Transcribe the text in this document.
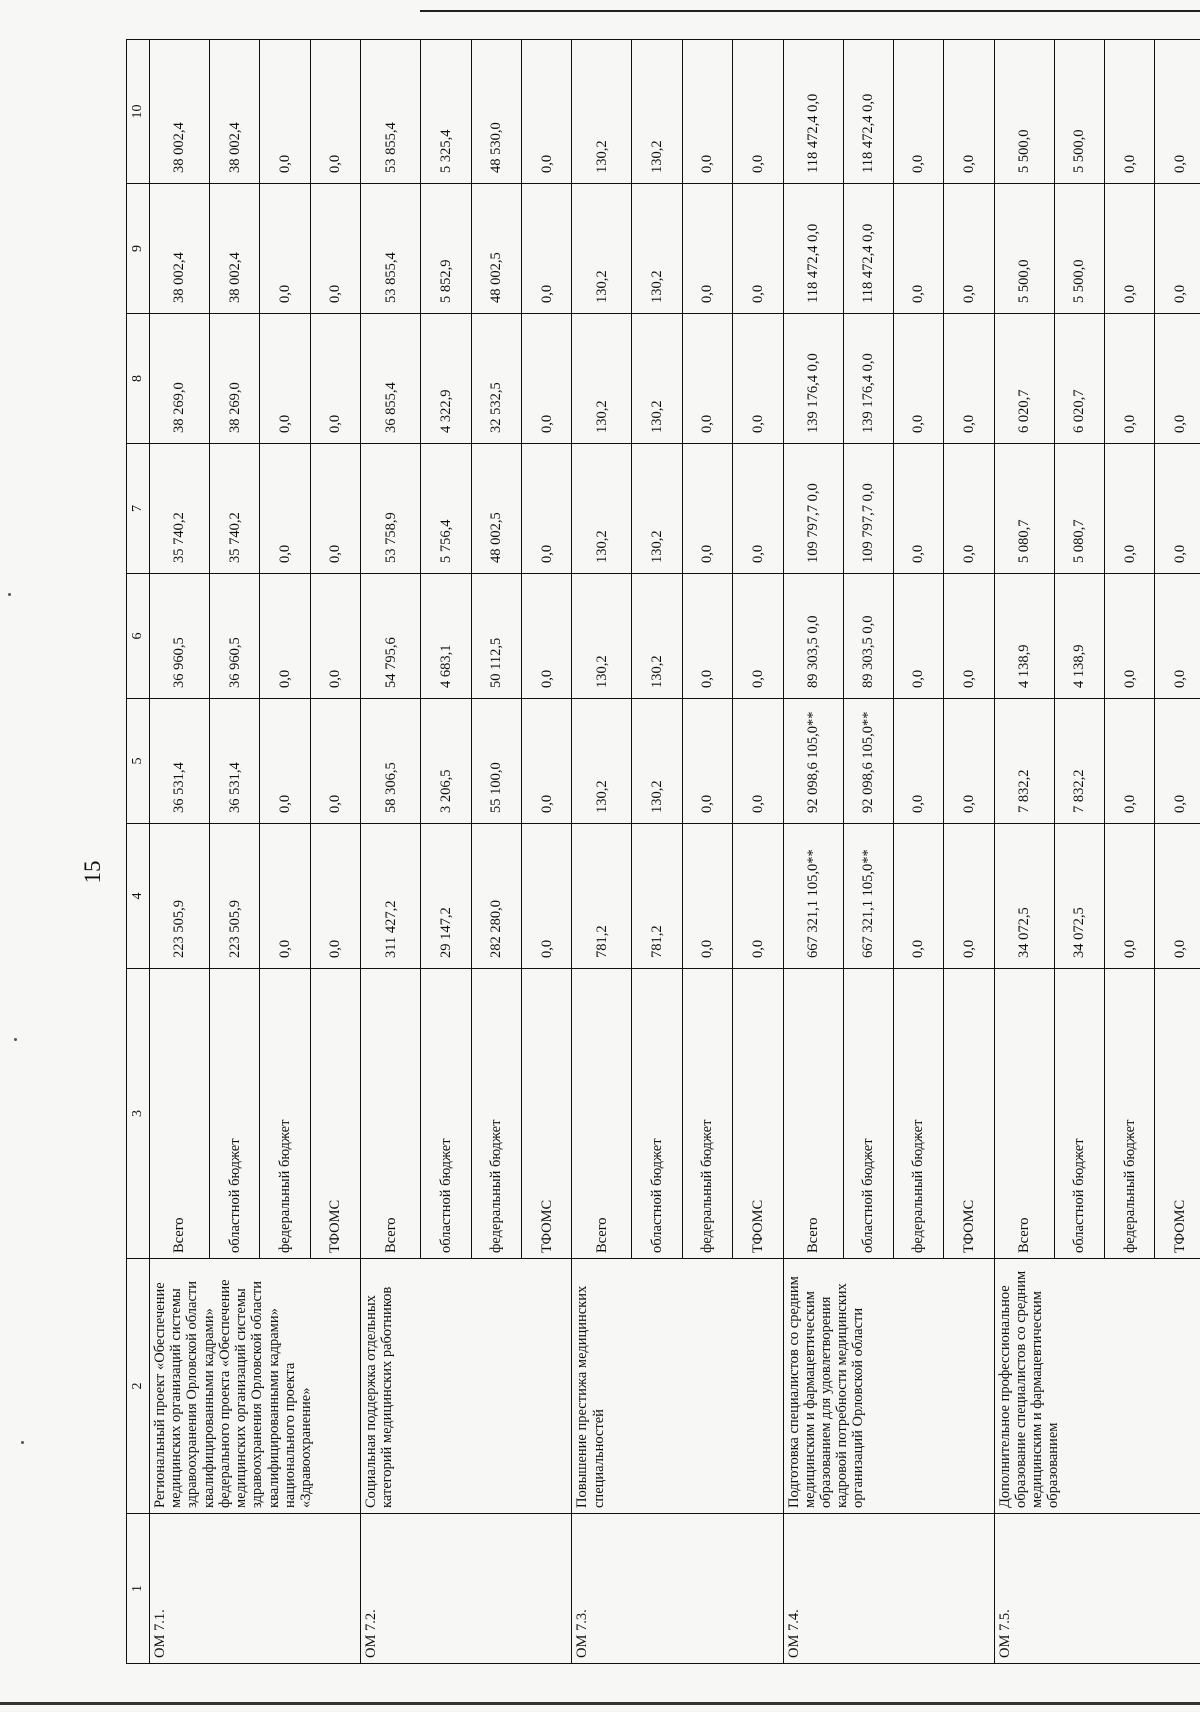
15
1	2	3	4	5	6	7	8	9	10
ОМ 7.1.	Региональный проект «Обеспечение медицинских организаций системы здравоохранения Орловской области квалифицированными кадрами» федерального проекта «Обеспечение медицинских организаций системы здравоохранения Орловской области квалифицированными кадрами» национального проекта «Здравоохранение»	Всего	223 505,9	36 531,4	36 960,5	35 740,2	38 269,0	38 002,4	38 002,4
		областной бюджет	223 505,9	36 531,4	36 960,5	35 740,2	38 269,0	38 002,4	38 002,4
		федеральный бюджет	0,0	0,0	0,0	0,0	0,0	0,0	0,0
		ТФОМС	0,0	0,0	0,0	0,0	0,0	0,0	0,0
ОМ 7.2.	Социальная поддержка отдельных категорий медицинских работников	Всего	311 427,2	58 306,5	54 795,6	53 758,9	36 855,4	53 855,4	53 855,4
		областной бюджет	29 147,2	3 206,5	4 683,1	5 756,4	4 322,9	5 852,9	5 325,4
		федеральный бюджет	282 280,0	55 100,0	50 112,5	48 002,5	32 532,5	48 002,5	48 530,0
		ТФОМС	0,0	0,0	0,0	0,0	0,0	0,0	0,0
ОМ 7.3.	Повышение престижа медицинских специальностей	Всего	781,2	130,2	130,2	130,2	130,2	130,2	130,2
		областной бюджет	781,2	130,2	130,2	130,2	130,2	130,2	130,2
		федеральный бюджет	0,0	0,0	0,0	0,0	0,0	0,0	0,0
		ТФОМС	0,0	0,0	0,0	0,0	0,0	0,0	0,0
ОМ 7.4.	Подготовка специалистов со средним медицинским и фармацевтическим образованием для удовлетворения кадровой потребности медицинских организаций Орловской области	Всего	667 321,1 105,0**	92 098,6 105,0**	89 303,5 0,0	109 797,7 0,0	139 176,4 0,0	118 472,4 0,0	118 472,4 0,0
		областной бюджет	667 321,1 105,0**	92 098,6 105,0**	89 303,5 0,0	109 797,7 0,0	139 176,4 0,0	118 472,4 0,0	118 472,4 0,0
		федеральный бюджет	0,0	0,0	0,0	0,0	0,0	0,0	0,0
		ТФОМС	0,0	0,0	0,0	0,0	0,0	0,0	0,0
ОМ 7.5.	Дополнительное профессиональное образование специалистов со средним медицинским и фармацевтическим образованием	Всего	34 072,5	7 832,2	4 138,9	5 080,7	6 020,7	5 500,0	5 500,0
		областной бюджет	34 072,5	7 832,2	4 138,9	5 080,7	6 020,7	5 500,0	5 500,0
		федеральный бюджет	0,0	0,0	0,0	0,0	0,0	0,0	0,0
		ТФОМС	0,0	0,0	0,0	0,0	0,0	0,0	0,0
